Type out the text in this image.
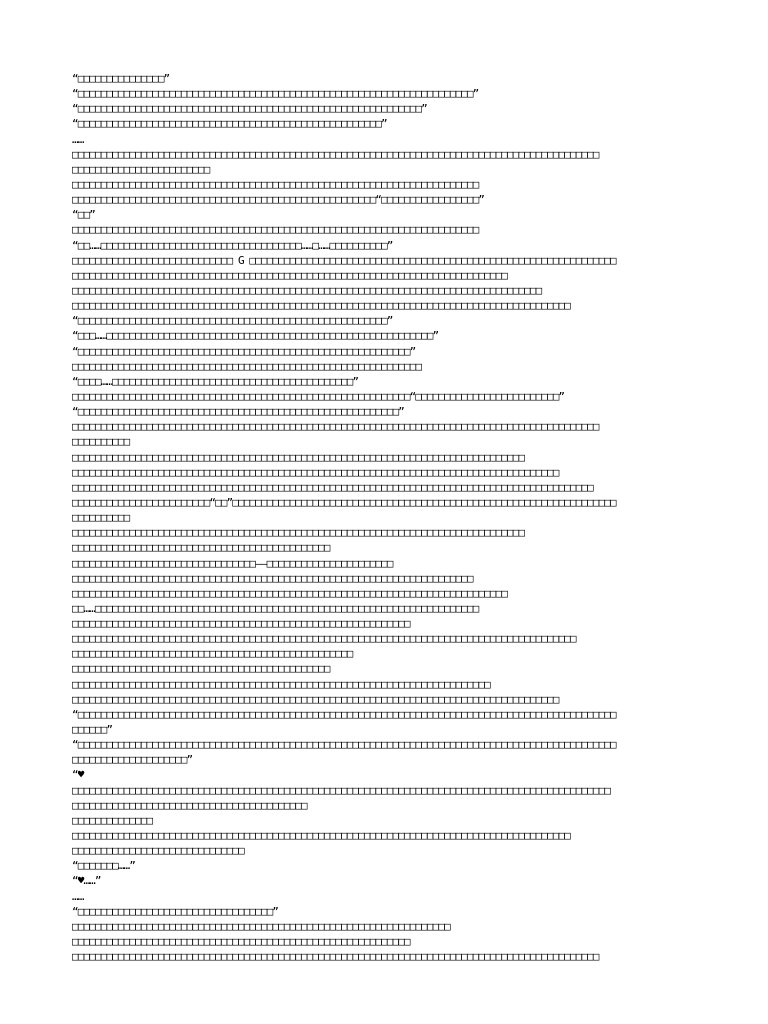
“□□□□□□□□□□□□□□□”
“□□□□□□□□□□□□□□□□□□□□□□□□□□□□□□□□□□□□□□□□□□□□□□□□□□□□□□□□□□□□□□□□□□□□□”
“□□□□□□□□□□□□□□□□□□□□□□□□□□□□□□□□□□□□□□□□□□□□□□□□□□□□□□□□□□□□”
“□□□□□□□□□□□□□□□□□□□□□□□□□□□□□□□□□□□□□□□□□□□□□□□□□□□□□”
……
□□□□□□□□□□□□□□□□□□□□□□□□□□□□□□□□□□□□□□□□□□□□□□□□□□□□□□□□□□□□□□□□□□□□□□□□□□□□□□□□□□□□□□□□□□□□
□□□□□□□□□□□□□□□□□□□□□□□□
□□□□□□□□□□□□□□□□□□□□□□□□□□□□□□□□□□□□□□□□□□□□□□□□□□□□□□□□□□□□□□□□□□□□□□□
□□□□□□□□□□□□□□□□□□□□□□□□□□□□□□□□□□□□□□□□□□□□□□□□□□□□□“□□□□□□□□□□□□□□□□□”
“□□”
□□□□□□□□□□□□□□□□□□□□□□□□□□□□□□□□□□□□□□□□□□□□□□□□□□□□□□□□□□□□□□□□□□□□□□□
“□□……□□□□□□□□□□□□□□□□□□□□□□□□□□□□□□□□□□□……□……□□□□□□□□□□”
□□□□□□□□□□□□□□□□□□□□□□□□□□□□ G □□□□□□□□□□□□□□□□□□□□□□□□□□□□□□□□□□□□□□□□□□□□□□□□□□□□□□□□□□□□□□□□
□□□□□□□□□□□□□□□□□□□□□□□□□□□□□□□□□□□□□□□□□□□□□□□□□□□□□□□□□□□□□□□□□□□□□□□□□□□□
□□□□□□□□□□□□□□□□□□□□□□□□□□□□□□□□□□□□□□□□□□□□□□□□□□□□□□□□□□□□□□□□□□□□□□□□□□□□□□□□□□
□□□□□□□□□□□□□□□□□□□□□□□□□□□□□□□□□□□□□□□□□□□□□□□□□□□□□□□□□□□□□□□□□□□□□□□□□□□□□□□□□□□□□□□
“□□□□□□□□□□□□□□□□□□□□□□□□□□□□□□□□□□□□□□□□□□□□□□□□□□□□□□”
“□□□……□□□□□□□□□□□□□□□□□□□□□□□□□□□□□□□□□□□□□□□□□□□□□□□□□□□□□□□□□”
“□□□□□□□□□□□□□□□□□□□□□□□□□□□□□□□□□□□□□□□□□□□□□□□□□□□□□□□□□□”
□□□□□□□□□□□□□□□□□□□□□□□□□□□□□□□□□□□□□□□□□□□□□□□□□□□□□□□□□□□□□
“□□□□……□□□□□□□□□□□□□□□□□□□□□□□□□□□□□□□□□□□□□□□□□□”
□□□□□□□□□□□□□□□□□□□□□□□□□□□□□□□□□□□□□□□□□□□□□□□□□□□□□□□□□□□“□□□□□□□□□□□□□□□□□□□□□□□□□”
“□□□□□□□□□□□□□□□□□□□□□□□□□□□□□□□□□□□□□□□□□□□□□□□□□□□□□□□□”
□□□□□□□□□□□□□□□□□□□□□□□□□□□□□□□□□□□□□□□□□□□□□□□□□□□□□□□□□□□□□□□□□□□□□□□□□□□□□□□□□□□□□□□□□□□□
□□□□□□□□□□
□□□□□□□□□□□□□□□□□□□□□□□□□□□□□□□□□□□□□□□□□□□□□□□□□□□□□□□□□□□□□□□□□□□□□□□□□□□□□□□
□□□□□□□□□□□□□□□□□□□□□□□□□□□□□□□□□□□□□□□□□□□□□□□□□□□□□□□□□□□□□□□□□□□□□□□□□□□□□□□□□□□□□
□□□□□□□□□□□□□□□□□□□□□□□□□□□□□□□□□□□□□□□□□□□□□□□□□□□□□□□□□□□□□□□□□□□□□□□□□□□□□□□□□□□□□□□□□□□
□□□□□□□□□□□□□□□□□□□□□□□□“□□”□□□□□□□□□□□□□□□□□□□□□□□□□□□□□□□□□□□□□□□□□□□□□□□□□□□□□□□□□□□□□□□□□□□
□□□□□□□□□□
□□□□□□□□□□□□□□□□□□□□□□□□□□□□□□□□□□□□□□□□□□□□□□□□□□□□□□□□□□□□□□□□□□□□□□□□□□□□□□□
□□□□□□□□□□□□□□□□□□□□□□□□□□□□□□□□□□□□□□□□□□□□□
□□□□□□□□□□□□□□□□□□□□□□□□□□□□□□□□——□□□□□□□□□□□□□□□□□□□□□□
□□□□□□□□□□□□□□□□□□□□□□□□□□□□□□□□□□□□□□□□□□□□□□□□□□□□□□□□□□□□□□□□□□□□□□
□□□□□□□□□□□□□□□□□□□□□□□□□□□□□□□□□□□□□□□□□□□□□□□□□□□□□□□□□□□□□□□□□□□□□□□□□□□□
□□……□□□□□□□□□□□□□□□□□□□□□□□□□□□□□□□□□□□□□□□□□□□□□□□□□□□□□□□□□□□□□□□□□□□
□□□□□□□□□□□□□□□□□□□□□□□□□□□□□□□□□□□□□□□□□□□□□□□□□□□□□□□□□□□
□□□□□□□□□□□□□□□□□□□□□□□□□□□□□□□□□□□□□□□□□□□□□□□□□□□□□□□□□□□□□□□□□□□□□□□□□□□□□□□□□□□□□□□□
□□□□□□□□□□□□□□□□□□□□□□□□□□□□□□□□□□□□□□□□□□□□□□□□□
□□□□□□□□□□□□□□□□□□□□□□□□□□□□□□□□□□□□□□□□□□□□□
□□□□□□□□□□□□□□□□□□□□□□□□□□□□□□□□□□□□□□□□□□□□□□□□□□□□□□□□□□□□□□□□□□□□□□□□□
□□□□□□□□□□□□□□□□□□□□□□□□□□□□□□□□□□□□□□□□□□□□□□□□□□□□□□□□□□□□□□□□□□□□□□□□□□□□□□□□□□□□□
“□□□□□□□□□□□□□□□□□□□□□□□□□□□□□□□□□□□□□□□□□□□□□□□□□□□□□□□□□□□□□□□□□□□□□□□□□□□□□□□□□□□□□□□□□□□□□□
□□□□□□”
“□□□□□□□□□□□□□□□□□□□□□□□□□□□□□□□□□□□□□□□□□□□□□□□□□□□□□□□□□□□□□□□□□□□□□□□□□□□□□□□□□□□□□□□□□□□□□□
□□□□□□□□□□□□□□□□□□□□”
“♥
□□□□□□□□□□□□□□□□□□□□□□□□□□□□□□□□□□□□□□□□□□□□□□□□□□□□□□□□□□□□□□□□□□□□□□□□□□□□□□□□□□□□□□□□□□□□□□
□□□□□□□□□□□□□□□□□□□□□□□□□□□□□□□□□□□□□□□□□
□□□□□□□□□□□□□□
□□□□□□□□□□□□□□□□□□□□□□□□□□□□□□□□□□□□□□□□□□□□□□□□□□□□□□□□□□□□□□□□□□□□□□□□□□□□□□□□□□□□□□□
□□□□□□□□□□□□□□□□□□□□□□□□□□□□□□
“□□□□□□□……”
“♥……”
……
“□□□□□□□□□□□□□□□□□□□□□□□□□□□□□□□□□□”
□□□□□□□□□□□□□□□□□□□□□□□□□□□□□□□□□□□□□□□□□□□□□□□□□□□□□□□□□□□□□□□□□□
□□□□□□□□□□□□□□□□□□□□□□□□□□□□□□□□□□□□□□□□□□□□□□□□□□□□□□□□□□□
□□□□□□□□□□□□□□□□□□□□□□□□□□□□□□□□□□□□□□□□□□□□□□□□□□□□□□□□□□□□□□□□□□□□□□□□□□□□□□□□□□□□□□□□□□□□
